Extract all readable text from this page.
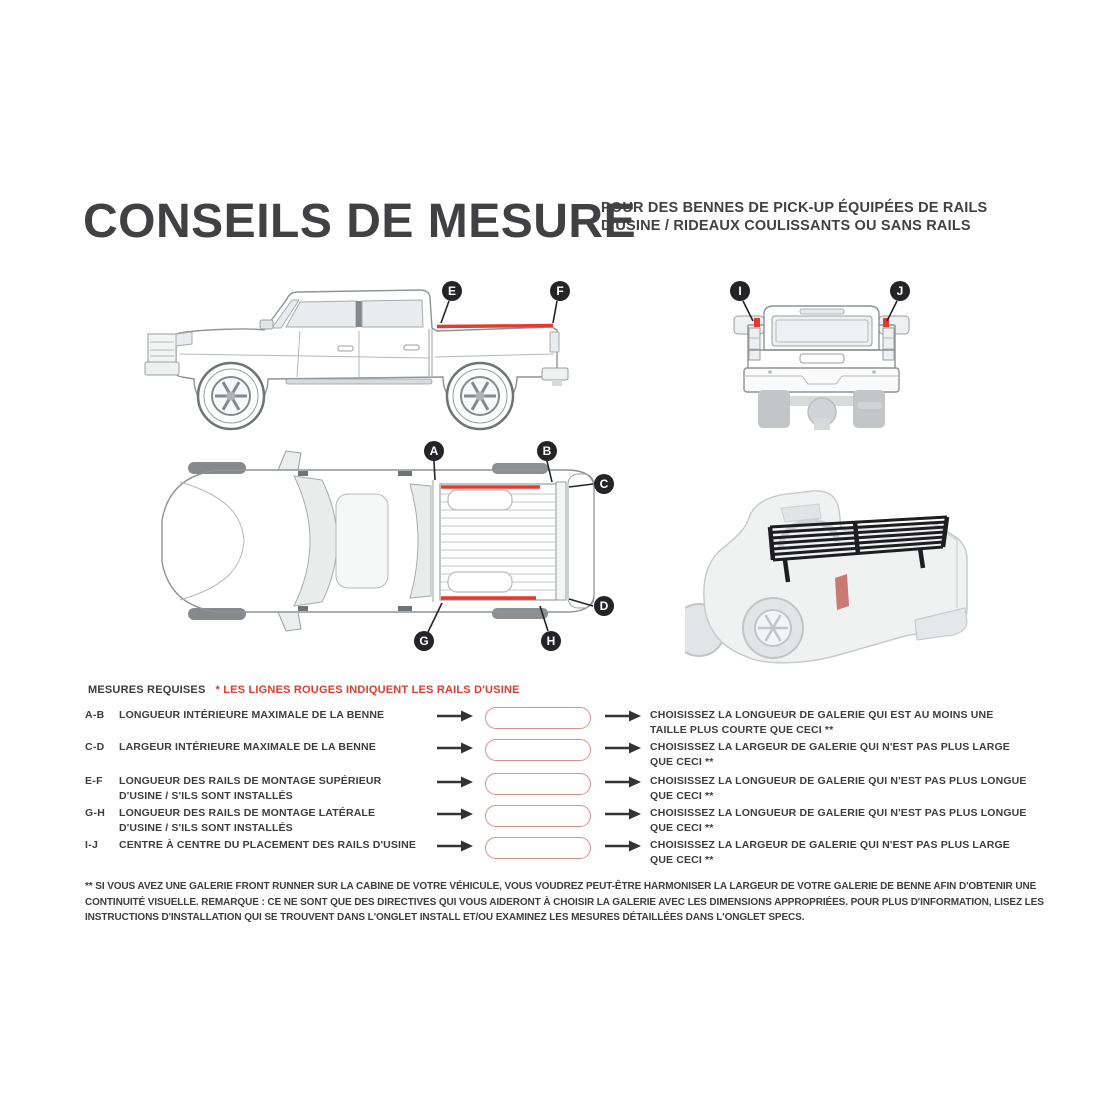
CONSEILS DE MESURE
POUR DES BENNES DE PICK-UP ÉQUIPÉES DE RAILS
D'USINE / RIDEAUX COULISSANTS OU SANS RAILS
E	F	I	J
A	B
C
D
G	H
MESURES REQUISES * LES LIGNES ROUGES INDIQUENT LES RAILS D'USINE
A-B	LONGUEUR INTÉRIEURE MAXIMALE DE LA BENNE	CHOISISSEZ LA LONGUEUR DE GALERIE QUI EST AU MOINS UNE
TAILLE PLUS COURTE QUE CECI **
C-D	LARGEUR INTÉRIEURE MAXIMALE DE LA BENNE	CHOISISSEZ LA LARGEUR DE GALERIE QUI N'EST PAS PLUS LARGE
QUE CECI **
E-F	LONGUEUR DES RAILS DE MONTAGE SUPÉRIEUR
D'USINE / S'ILS SONT INSTALLÉS
CHOISISSEZ LA LONGUEUR DE GALERIE QUI N'EST PAS PLUS LONGUE
QUE CECI **
G-H	LONGUEUR DES RAILS DE MONTAGE LATÉRALE
D'USINE / S'ILS SONT INSTALLÉS
CHOISISSEZ LA LONGUEUR DE GALERIE QUI N'EST PAS PLUS LONGUE
QUE CECI **
I-J	CENTRE À CENTRE DU PLACEMENT DES RAILS D'USINE	CHOISISSEZ LA LARGEUR DE GALERIE QUI N'EST PAS PLUS LARGE
QUE CECI **
** SI VOUS AVEZ UNE GALERIE FRONT RUNNER SUR LA CABINE DE VOTRE VÉHICULE, VOUS VOUDREZ PEUT-ÊTRE HARMONISER LA LARGEUR DE VOTRE GALERIE DE BENNE AFIN D'OBTENIR UNE
CONTINUITÉ VISUELLE. REMARQUE : CE NE SONT QUE DES DIRECTIVES QUI VOUS AIDERONT À CHOISIR LA GALERIE AVEC LES DIMENSIONS APPROPRIÉES. POUR PLUS D'INFORMATION, LISEZ LES
INSTRUCTIONS D'INSTALLATION QUI SE TROUVENT DANS L'ONGLET INSTALL ET/OU EXAMINEZ LES MESURES DÉTAILLÉES DANS L'ONGLET SPECS.
